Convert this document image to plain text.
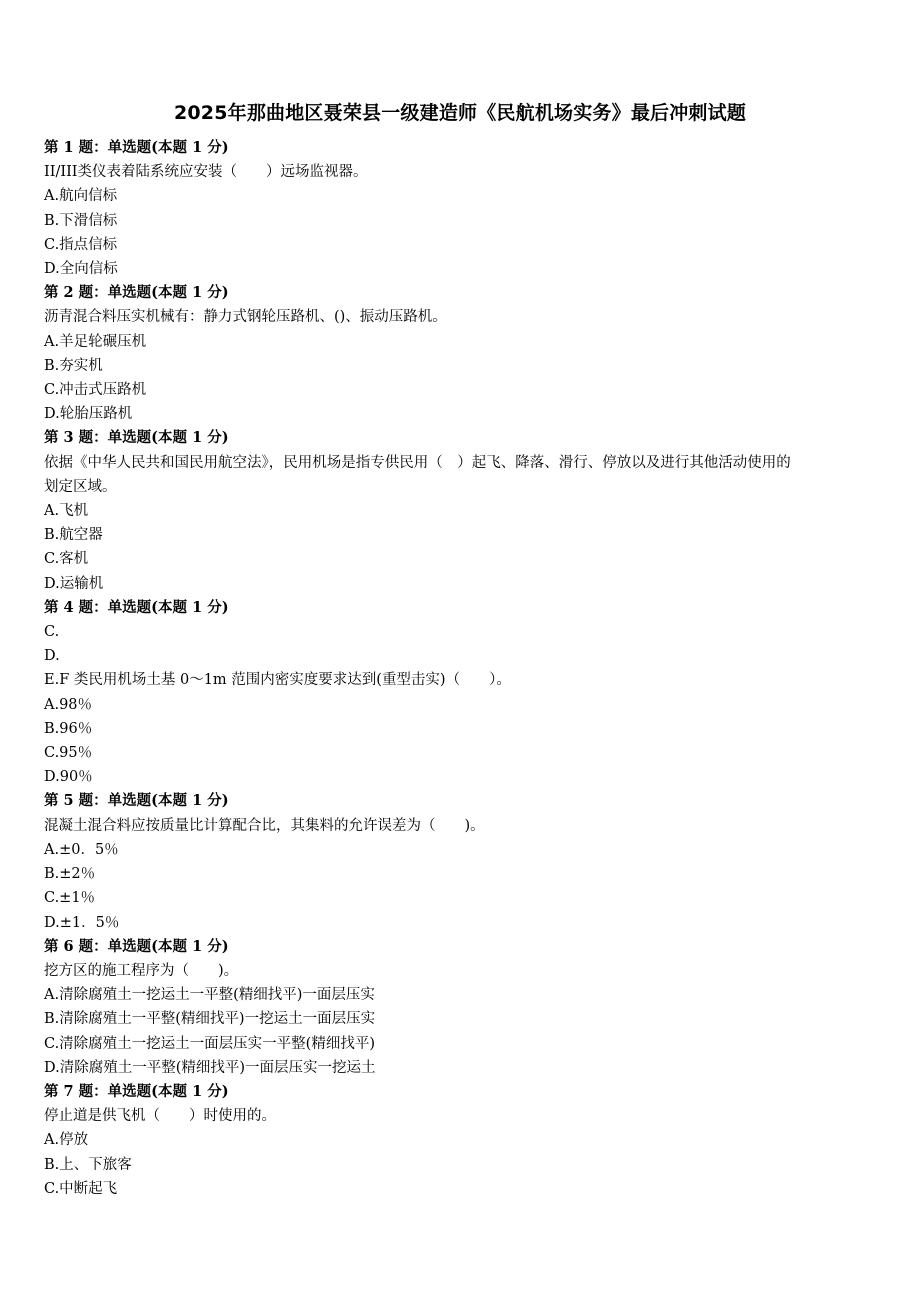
2025年那曲地区聂荣县一级建造师《民航机场实务》最后冲刺试题
第 1 题：单选题(本题 1 分)
II/III类仪表着陆系统应安装（　　）远场监视器。
A.航向信标
B.下滑信标
C.指点信标
D.全向信标
第 2 题：单选题(本题 1 分)
沥青混合料压实机械有：静力式钢轮压路机、()、振动压路机。
A.羊足轮碾压机
B.夯实机
C.冲击式压路机
D.轮胎压路机
第 3 题：单选题(本题 1 分)
依据《中华人民共和国民用航空法》，民用机场是指专供民用（　）起飞、降落、滑行、停放以及进行其他活动使用的
划定区域。
A.飞机
B.航空器
C.客机
D.运输机
第 4 题：单选题(本题 1 分)
C.
D.
E.F 类民用机场土基 0～1m 范围内密实度要求达到(重型击实)（　　）。
A.98％
B.96％
C.95％
D.90％
第 5 题：单选题(本题 1 分)
混凝土混合料应按质量比计算配合比，其集料的允许误差为（　　)。
A.±0．5％
B.±2％
C.±1％
D.±1．5％
第 6 题：单选题(本题 1 分)
挖方区的施工程序为（　　)。
A.清除腐殖土一挖运土一平整(精细找平)一面层压实
B.清除腐殖土一平整(精细找平)一挖运土一面层压实
C.清除腐殖土一挖运土一面层压实一平整(精细找平)
D.清除腐殖土一平整(精细找平)一面层压实一挖运土
第 7 题：单选题(本题 1 分)
停止道是供飞机（　　）时使用的。
A.停放
B.上、下旅客
C.中断起飞
